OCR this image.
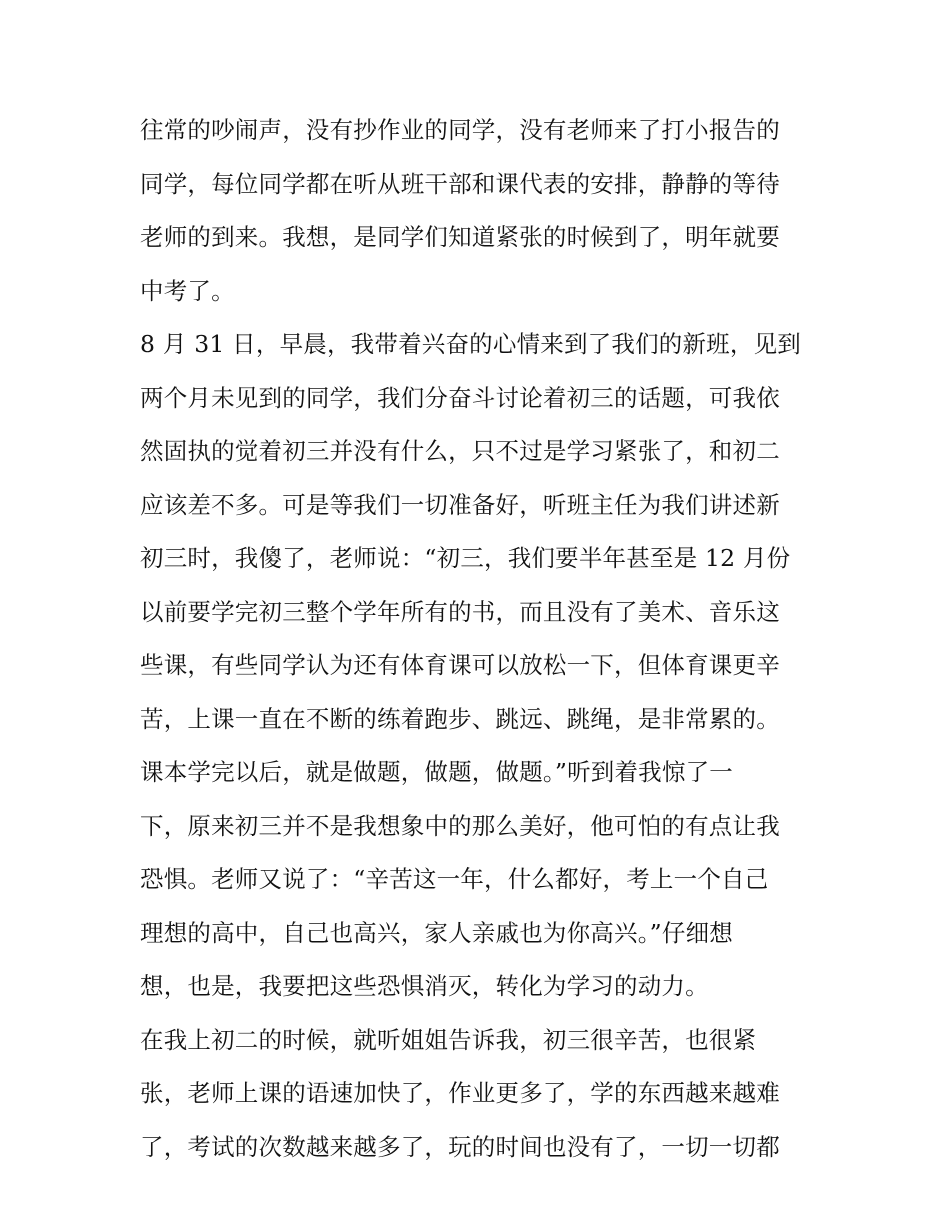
往常的吵闹声，没有抄作业的同学，没有老师来了打小报告的
同学，每位同学都在听从班干部和课代表的安排，静静的等待
老师的到来。我想，是同学们知道紧张的时候到了，明年就要
中考了。
8 月 31 日，早晨，我带着兴奋的心情来到了我们的新班，见到
两个月未见到的同学，我们分奋斗讨论着初三的话题，可我依
然固执的觉着初三并没有什么，只不过是学习紧张了，和初二
应该差不多。可是等我们一切准备好，听班主任为我们讲述新
初三时，我傻了，老师说：“初三，我们要半年甚至是 12 月份
以前要学完初三整个学年所有的书，而且没有了美术、音乐这
些课，有些同学认为还有体育课可以放松一下，但体育课更辛
苦，上课一直在不断的练着跑步、跳远、跳绳，是非常累的。
课本学完以后，就是做题，做题，做题。”听到着我惊了一
下，原来初三并不是我想象中的那么美好，他可怕的有点让我
恐惧。老师又说了：“辛苦这一年，什么都好，考上一个自己
理想的高中，自己也高兴，家人亲戚也为你高兴。”仔细想
想，也是，我要把这些恐惧消灭，转化为学习的动力。
在我上初二的时候，就听姐姐告诉我，初三很辛苦，也很紧
张，老师上课的语速加快了，作业更多了，学的东西越来越难
了，考试的次数越来越多了，玩的时间也没有了，一切一切都
